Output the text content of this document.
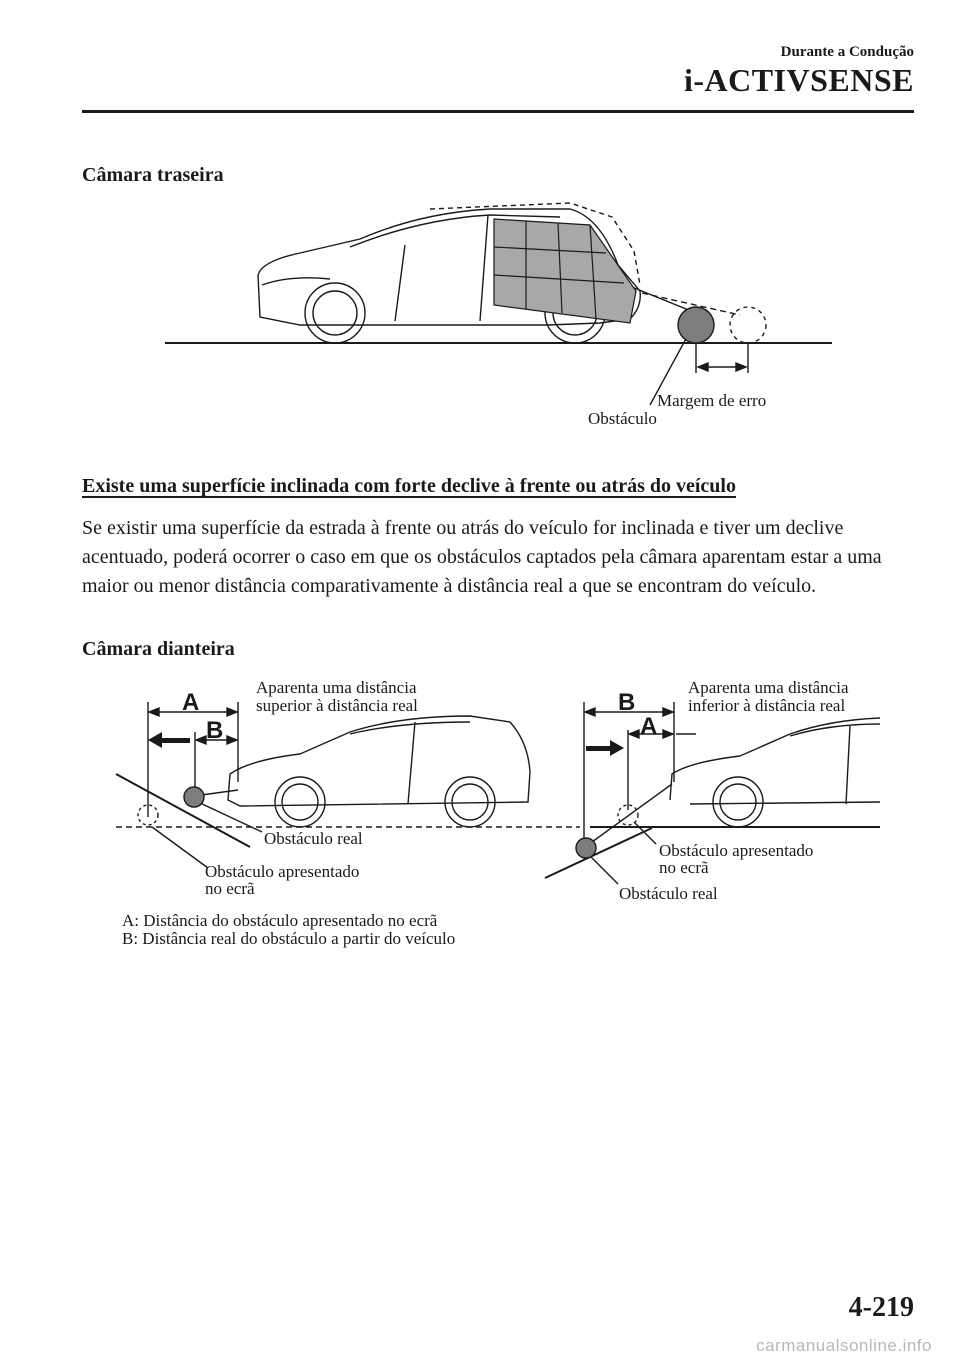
Durante a Condução
i-ACTIVSENSE
Câmara traseira
Margem de erro
Obstáculo
Existe uma superfície inclinada com forte declive à frente ou atrás do veículo
Se existir uma superfície da estrada à frente ou atrás do veículo for inclinada e tiver um declive acentuado, poderá ocorrer o caso em que os obstáculos captados pela câmara aparentam estar a uma maior ou menor distância comparativamente à distância real a que se encontram do veículo.
Câmara dianteira
A
B
B
A
Aparenta uma distância
superior à distância real
Obstáculo real
Obstáculo apresentado
no ecrã
Aparenta uma distância
inferior à distância real
Obstáculo apresentado
no ecrã
Obstáculo real
A: Distância do obstáculo apresentado no ecrã
B: Distância real do obstáculo a partir do veículo
4-219
carmanualsonline.info
